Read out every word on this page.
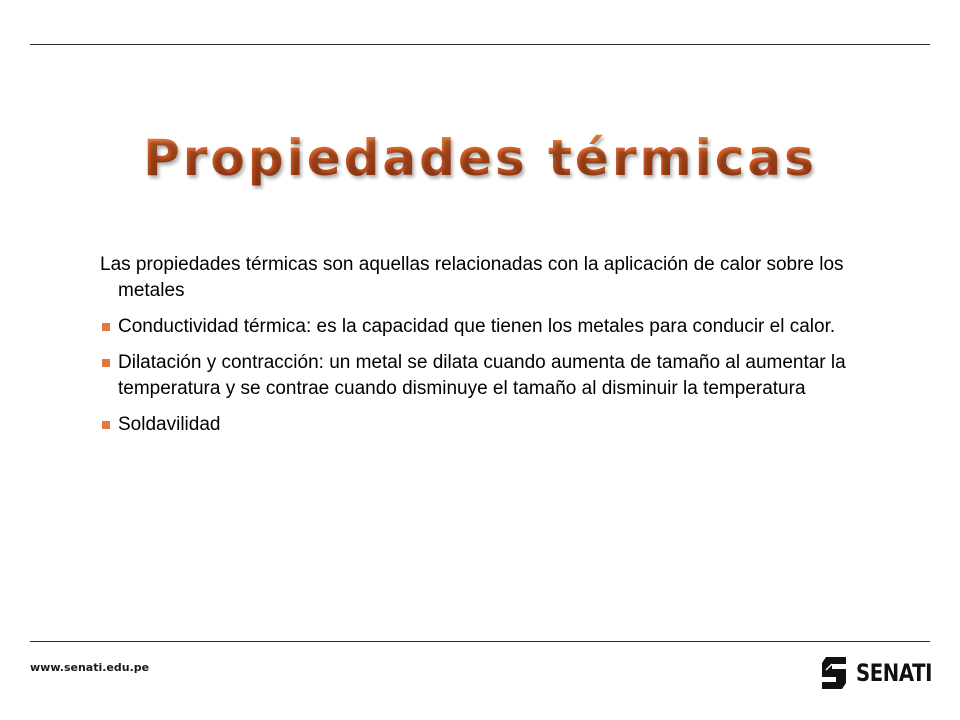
Propiedades térmicas

Las propiedades térmicas son aquellas relacionadas con la aplicación de calor sobre los metales

Conductividad térmica: es la capacidad que tienen los metales para conducir el calor.
Dilatación y contracción: un metal se dilata cuando aumenta de tamaño al aumentar la temperatura y se contrae cuando disminuye el tamaño al disminuir la temperatura
Soldavilidad
www.senati.edu.pe	SENATI
